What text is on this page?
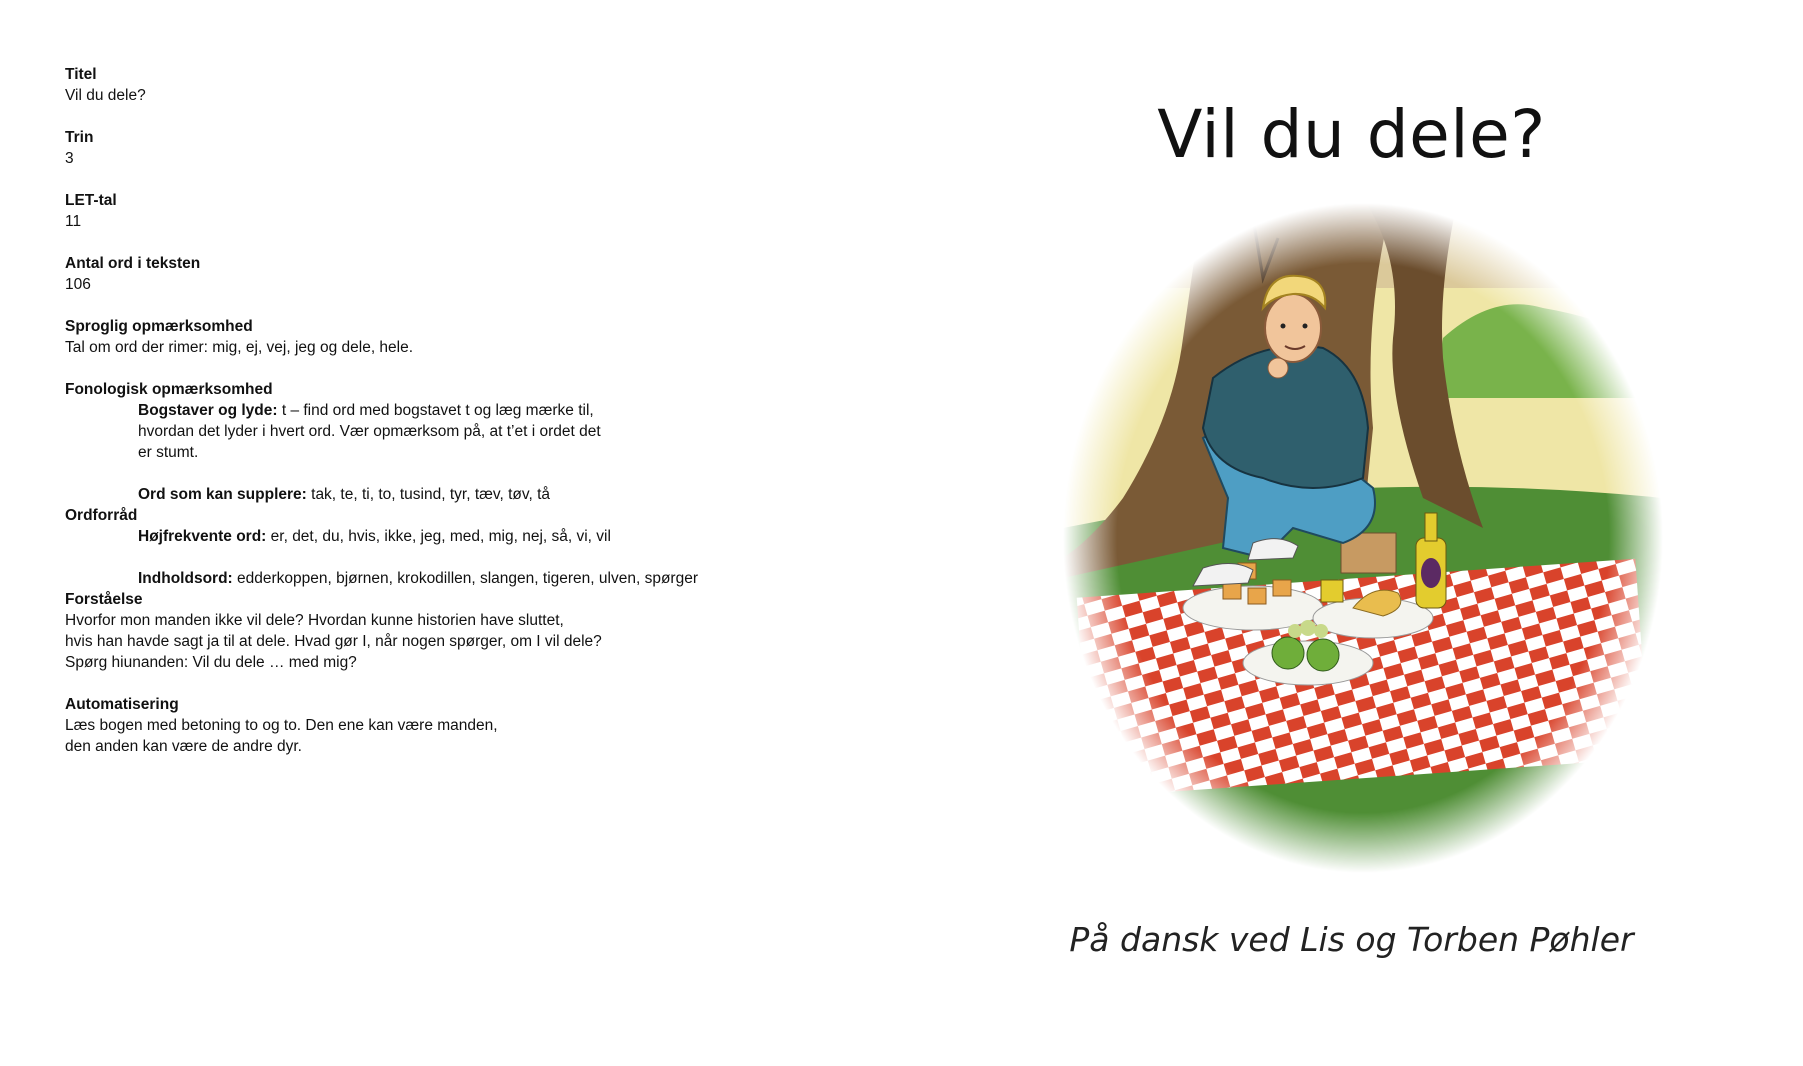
Titel
Vil du dele?
Trin
3
LET-tal
11
Antal ord i teksten
106
Sproglig opmærksomhed
Tal om ord der rimer: mig, ej, vej, jeg og dele, hele.
Fonologisk opmærksomhed
Bogstaver og lyde: t – find ord med bogstavet t og læg mærke til,
hvordan det lyder i hvert ord. Vær opmærksom på, at t’et i ordet det
er stumt.
Ord som kan supplere: tak, te, ti, to, tusind, tyr, tæv, tøv, tå
Ordforråd
Højfrekvente ord: er, det, du, hvis, ikke, jeg, med, mig, nej, så, vi, vil
Indholdsord: edderkoppen, bjørnen, krokodillen, slangen, tigeren, ulven, spørger
Forståelse
Hvorfor mon manden ikke vil dele? Hvordan kunne historien have sluttet,
hvis han havde sagt ja til at dele. Hvad gør I, når nogen spørger, om I vil dele?
Spørg hiunanden: Vil du dele … med mig?
Automatisering
Læs bogen med betoning to og to. Den ene kan være manden,
den anden kan være de andre dyr.
Vil du dele?
På dansk ved Lis og Torben Pøhler
